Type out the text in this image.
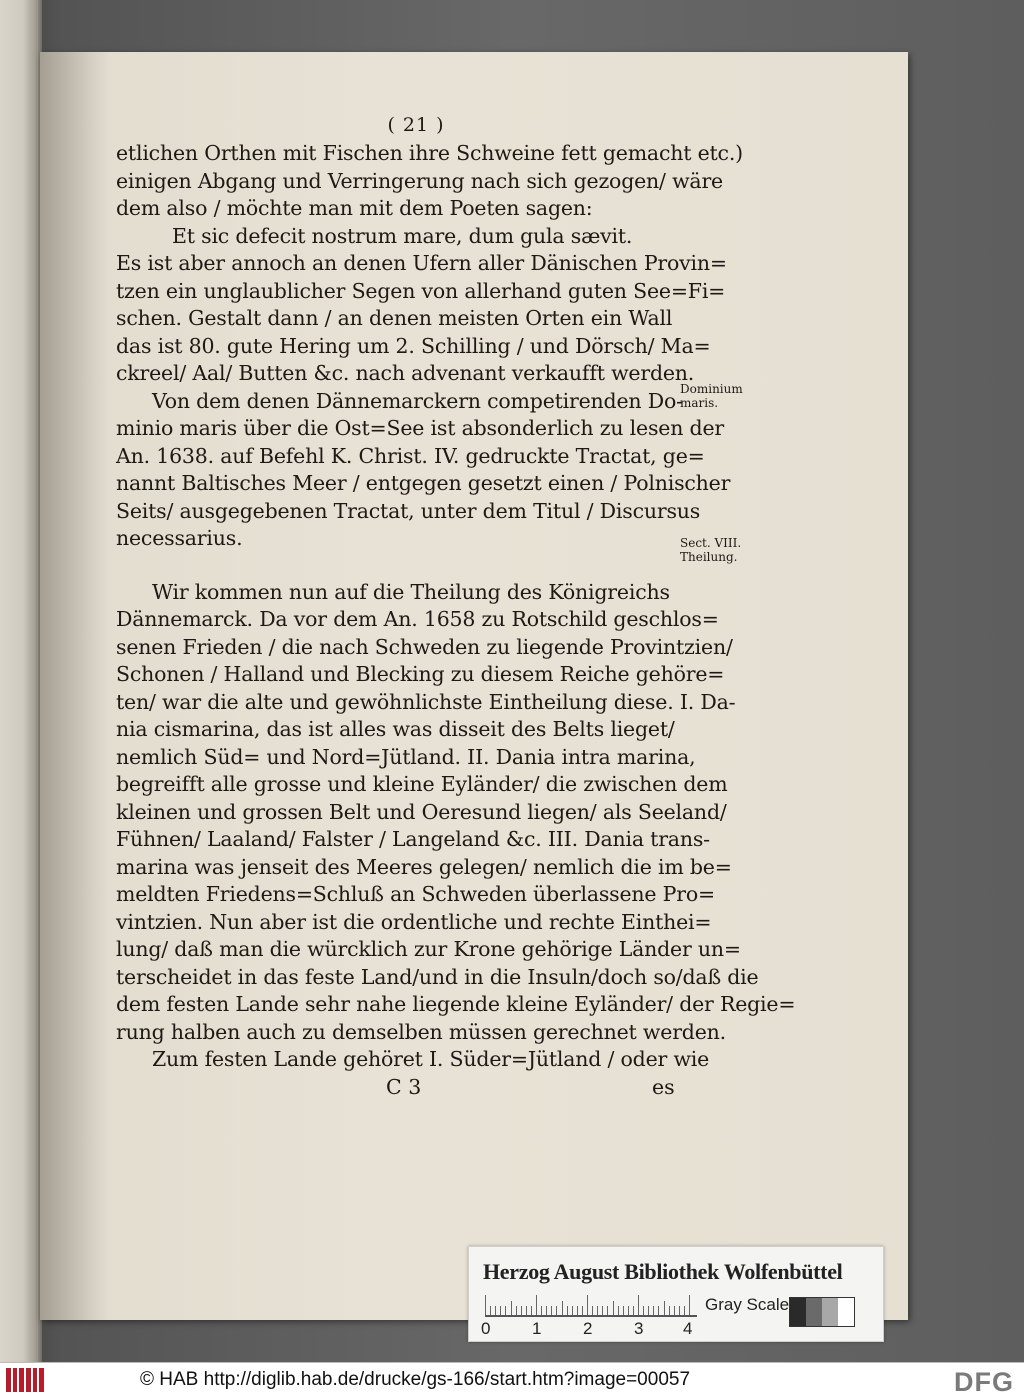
( 21 )
etlichen Orthen mit Fischen ihre Schweine fett gemacht etc.)
einigen Abgang und Verringerung nach sich gezogen/ wäre
dem also / möchte man mit dem Poeten sagen:
Et sic defecit nostrum mare, dum gula sævit.
Es ist aber annoch an denen Ufern aller Dänischen Provin=
tzen ein unglaublicher Segen von allerhand guten See=Fi=
schen. Gestalt dann / an denen meisten Orten ein Wall
das ist 80. gute Hering um 2. Schilling / und Dörsch/ Ma=
ckreel/ Aal/ Butten &c. nach advenant verkaufft werden.
Von dem denen Dännemarckern competirenden Do-
minio maris über die Ost=See ist absonderlich zu lesen der
An. 1638. auf Befehl K. Christ. IV. gedruckte Tractat, ge=
nannt Baltisches Meer / entgegen gesetzt einen / Polnischer
Seits/ ausgegebenen Tractat, unter dem Titul / Discursus
necessarius.
Wir kommen nun auf die Theilung des Königreichs
Dännemarck. Da vor dem An. 1658 zu Rotschild geschlos=
senen Frieden / die nach Schweden zu liegende Provintzien/
Schonen / Halland und Blecking zu diesem Reiche gehöre=
ten/ war die alte und gewöhnlichste Eintheilung diese. I. Da-
nia cismarina, das ist alles was disseit des Belts lieget/
nemlich Süd= und Nord=Jütland. II. Dania intra marina,
begreifft alle grosse und kleine Eyländer/ die zwischen dem
kleinen und grossen Belt und Oeresund liegen/ als Seeland/
Fühnen/ Laaland/ Falster / Langeland &c. III. Dania trans-
marina was jenseit des Meeres gelegen/ nemlich die im be=
meldten Friedens=Schluß an Schweden überlassene Pro=
vintzien. Nun aber ist die ordentliche und rechte Einthei=
lung/ daß man die würcklich zur Krone gehörige Länder un=
terscheidet in das feste Land/und in die Insuln/doch so/daß die
dem festen Lande sehr nahe liegende kleine Eyländer/ der Regie=
rung halben auch zu demselben müssen gerechnet werden.
Zum festen Lande gehöret I. Süder=Jütland / oder wie
C 3	es
Dominium
maris.
Sect. VIII.
Theilung.
Herzog August Bibliothek Wolfenbüttel
0 1 2 3 4
Gray Scale
© HAB http://diglib.hab.de/drucke/gs-166/start.htm?image=00057	DFG
